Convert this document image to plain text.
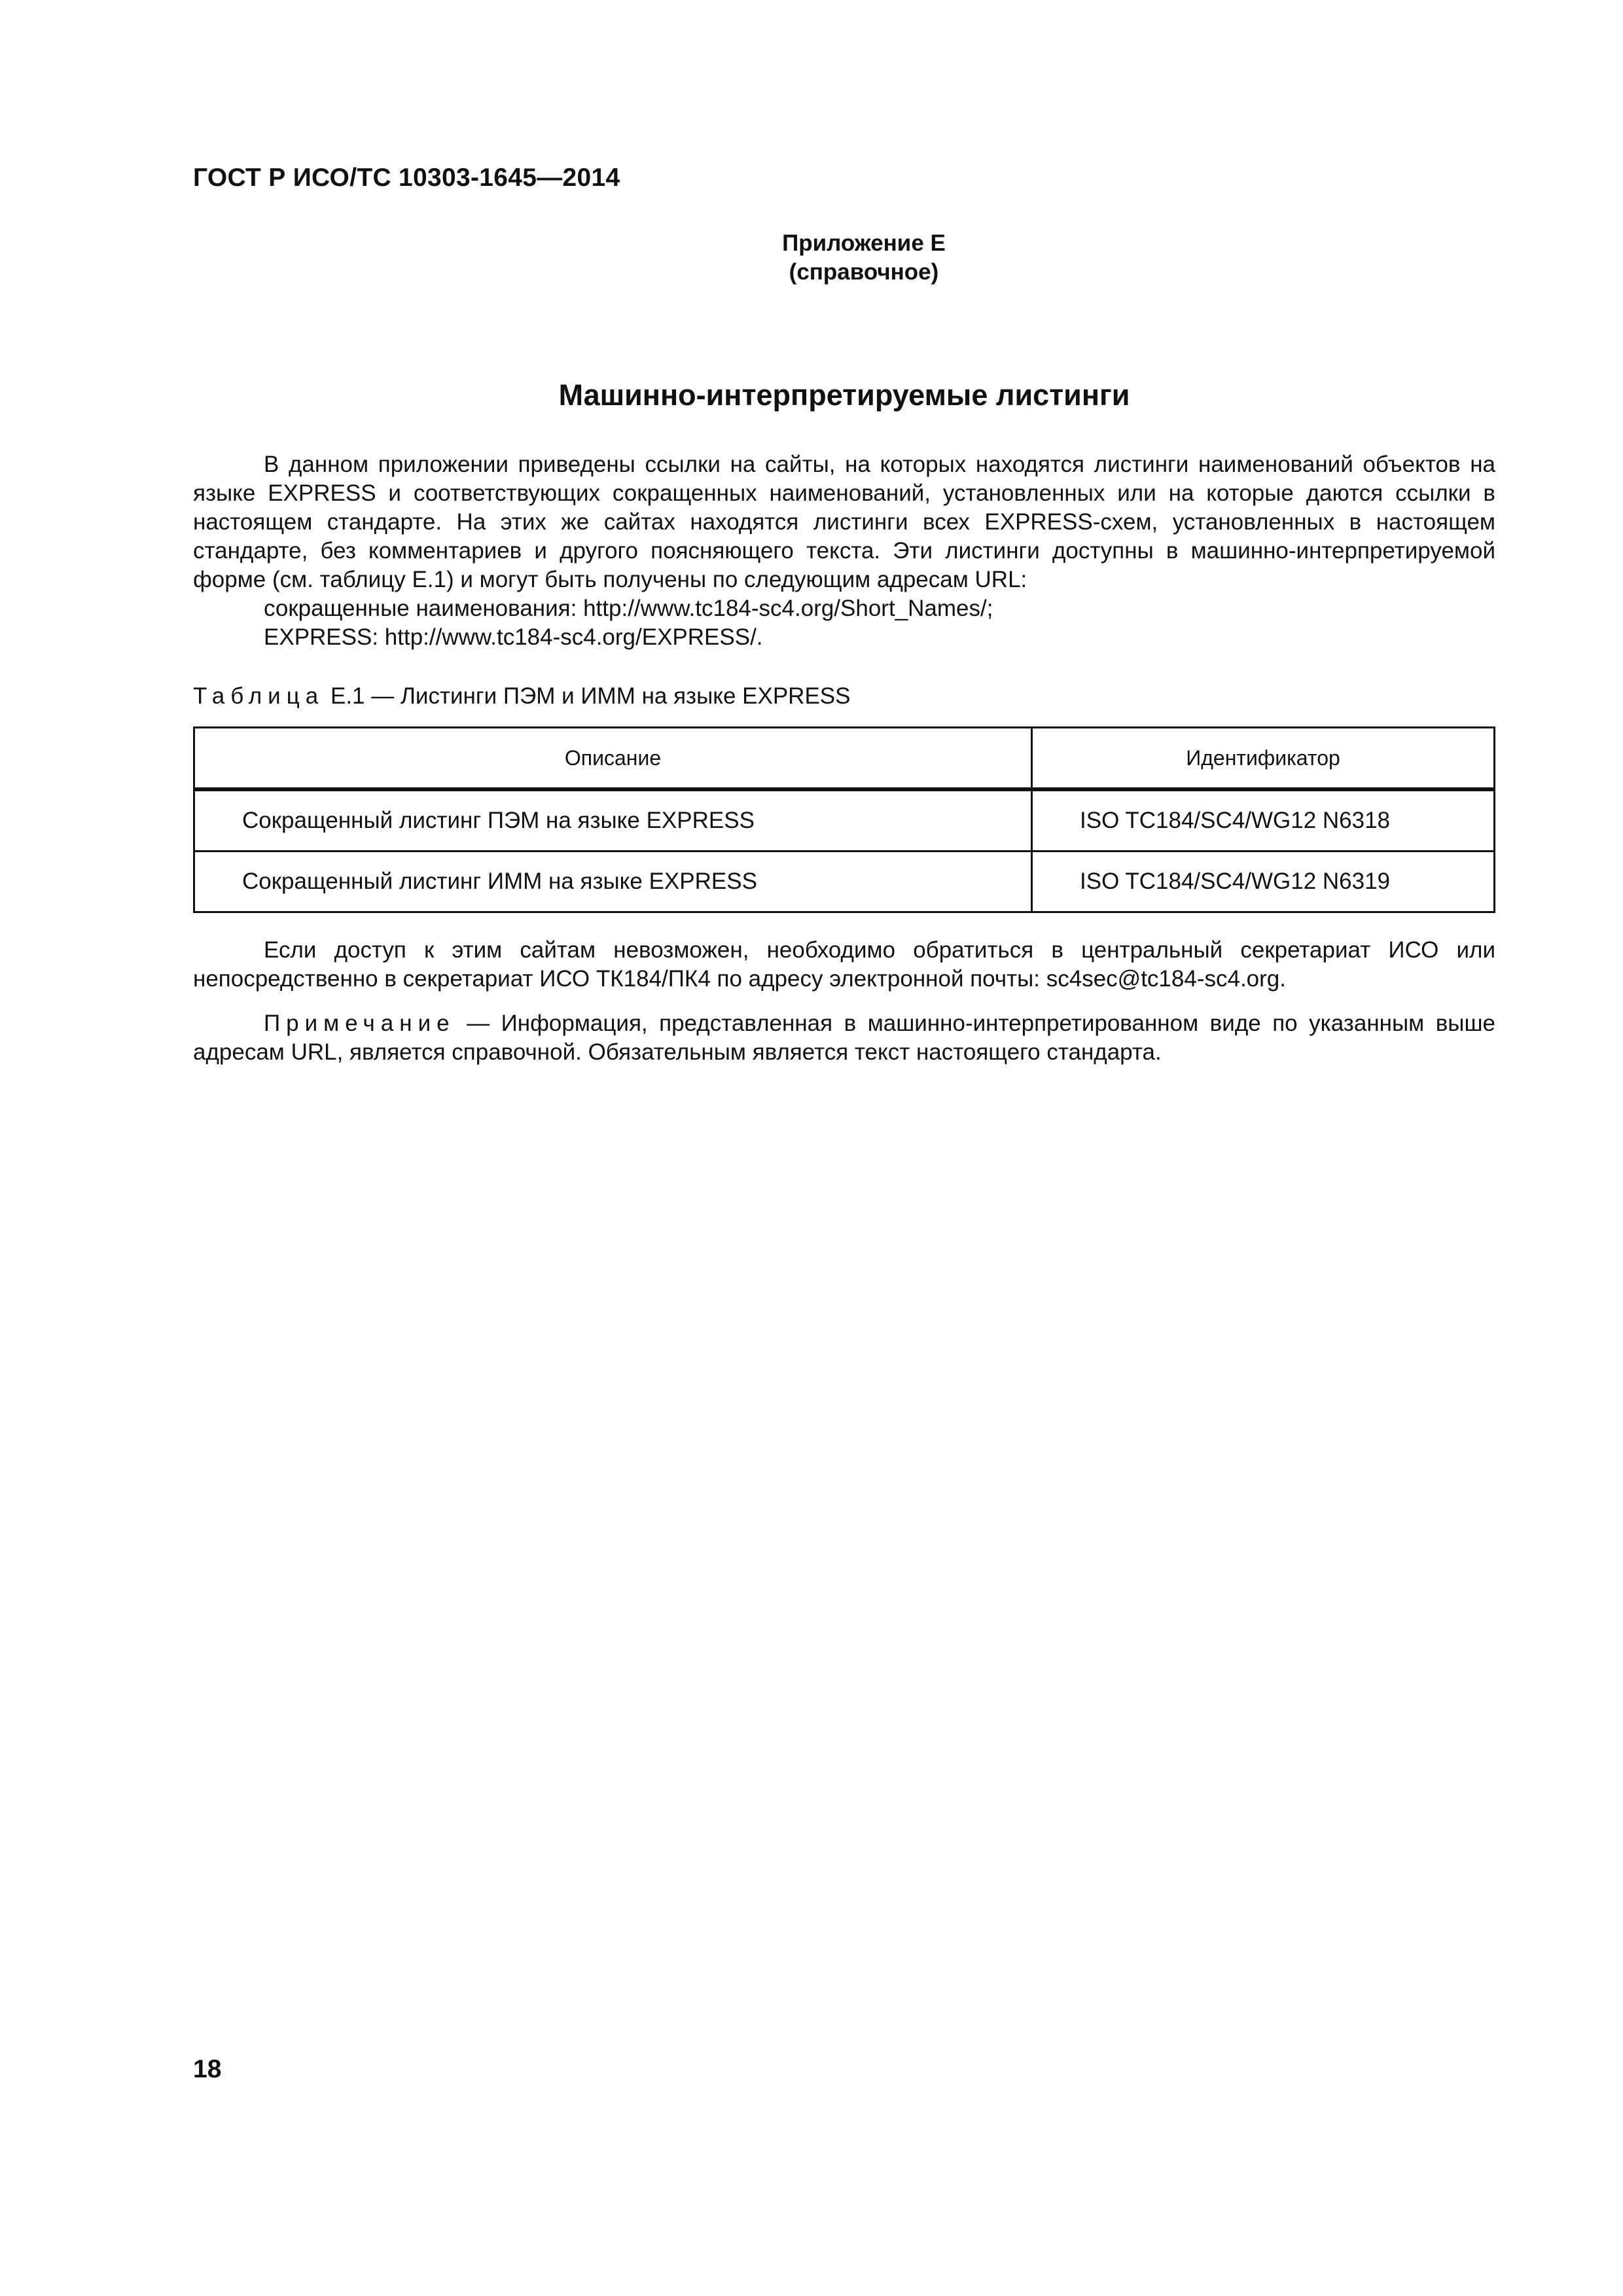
ГОСТ Р ИСО/ТС 10303-1645—2014
Приложение E
(справочное)
Машинно-интерпретируемые листинги
В данном приложении приведены ссылки на сайты, на которых находятся листинги наименований объектов на языке EXPRESS и соответствующих сокращенных наименований, установленных или на которые даются ссылки в настоящем стандарте. На этих же сайтах находятся листинги всех EXPRESS-схем, установленных в настоящем стандарте, без комментариев и другого поясняющего текста. Эти листинги доступны в машинно-интерпретируемой форме (см. таблицу E.1) и могут быть получены по следующим адресам URL:
сокращенные наименования: http://www.tc184-sc4.org/Short_Names/;
EXPRESS: http://www.tc184-sc4.org/EXPRESS/.
Таблица E.1 — Листинги ПЭМ и ИММ на языке EXPRESS
Описание	Идентификатор
Сокращенный листинг ПЭМ на языке EXPRESS	ISO TC184/SC4/WG12 N6318
Сокращенный листинг ИММ на языке EXPRESS	ISO TC184/SC4/WG12 N6319
Если доступ к этим сайтам невозможен, необходимо обратиться в центральный секретариат ИСО или непосредственно в секретариат ИСО ТК184/ПК4 по адресу электронной почты: sc4sec@tc184-sc4.org.
Примечание — Информация, представленная в машинно-интерпретированном виде по указанным выше адресам URL, является справочной. Обязательным является текст настоящего стандарта.
18
